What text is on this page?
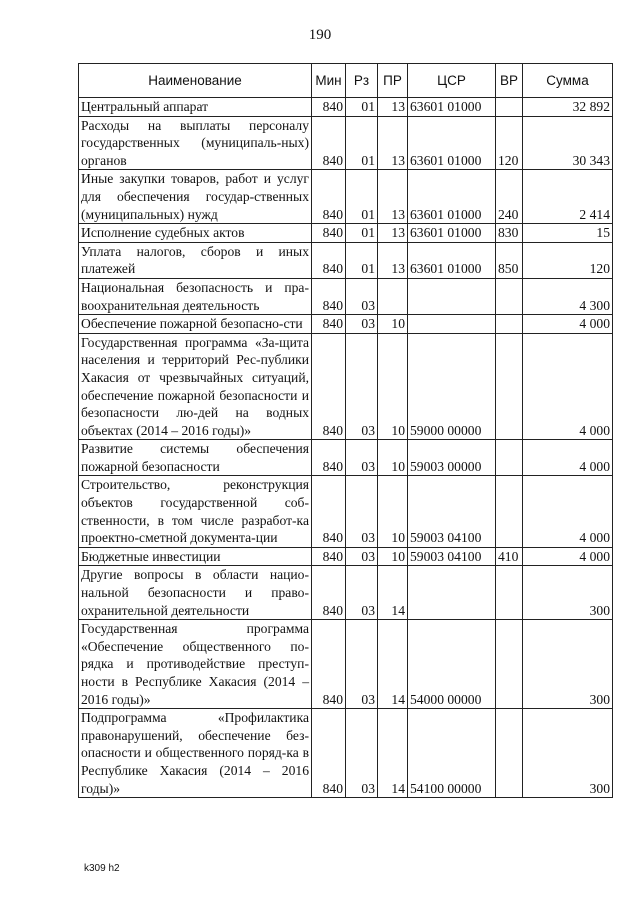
190
Наименование	Мин	Рз	ПР	ЦСР	ВР	Сумма
Центральный аппарат	840	01	13	63601 01000		32 892
Расходы на выплаты персоналу государственных (муниципаль-ных) органов	840	01	13	63601 01000	120	30 343
Иные закупки товаров, работ и услуг для обеспечения государ-ственных (муниципальных) нужд	840	01	13	63601 01000	240	2 414
Исполнение судебных актов	840	01	13	63601 01000	830	15
Уплата налогов, сборов и иных платежей	840	01	13	63601 01000	850	120
Национальная безопасность и пра-воохранительная деятельность	840	03				4 300
Обеспечение пожарной безопасно-сти	840	03	10			4 000
Государственная программа «За-щита населения и территорий Рес-публики Хакасия от чрезвычайных ситуаций, обеспечение пожарной безопасности и безопасности лю-дей на водных объектах (2014 – 2016 годы)»	840	03	10	59000 00000		4 000
Развитие системы обеспечения пожарной безопасности	840	03	10	59003 00000		4 000
Строительство, реконструкция объектов государственной соб-ственности, в том числе разработ-ка проектно-сметной документа-ции	840	03	10	59003 04100		4 000
Бюджетные инвестиции	840	03	10	59003 04100	410	4 000
Другие вопросы в области нацио-нальной безопасности и право-охранительной деятельности	840	03	14			300
Государственная программа «Обеспечение общественного по-рядка и противодействие преступ-ности в Республике Хакасия (2014 – 2016 годы)»	840	03	14	54000 00000		300
Подпрограмма «Профилактика правонарушений, обеспечение без-опасности и общественного поряд-ка в Республике Хакасия (2014 – 2016 годы)»	840	03	14	54100 00000		300
k309 h2
